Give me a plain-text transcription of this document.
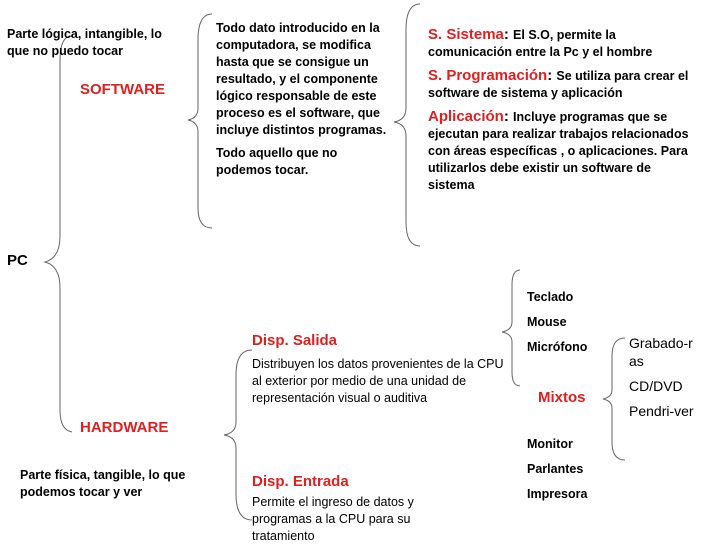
Parte lógica, intangible, lo que no puedo tocar
SOFTWARE

Todo dato introducido en la computadora, se modifica hasta que se consigue un resultado, y el componente lógico responsable de este proceso es el software, que incluye distintos programas.

Todo aquello que no podemos tocar.

S. Sistema: El S.O, permite la comunicación entre la Pc y el hombre

S. Programación: Se utiliza para crear el software de sistema y aplicación

Aplicación: Incluye programas que se ejecutan para realizar trabajos relacionados con áreas específicas , o aplicaciones. Para utilizarlos debe existir un software de sistema

PC
HARDWARE
Parte física, tangible, lo que podemos tocar y ver
Disp. Salida
Distribuyen los datos provenientes de la CPU al exterior por medio de una unidad de representación visual o auditiva
Disp. Entrada
Permite el ingreso de datos y programas a la CPU para su tratamiento
Teclado
Mouse
Micrófono
Mixtos
Monitor
Parlantes
Impresora
Grabado-ras
CD/DVD
Pendri-ver
